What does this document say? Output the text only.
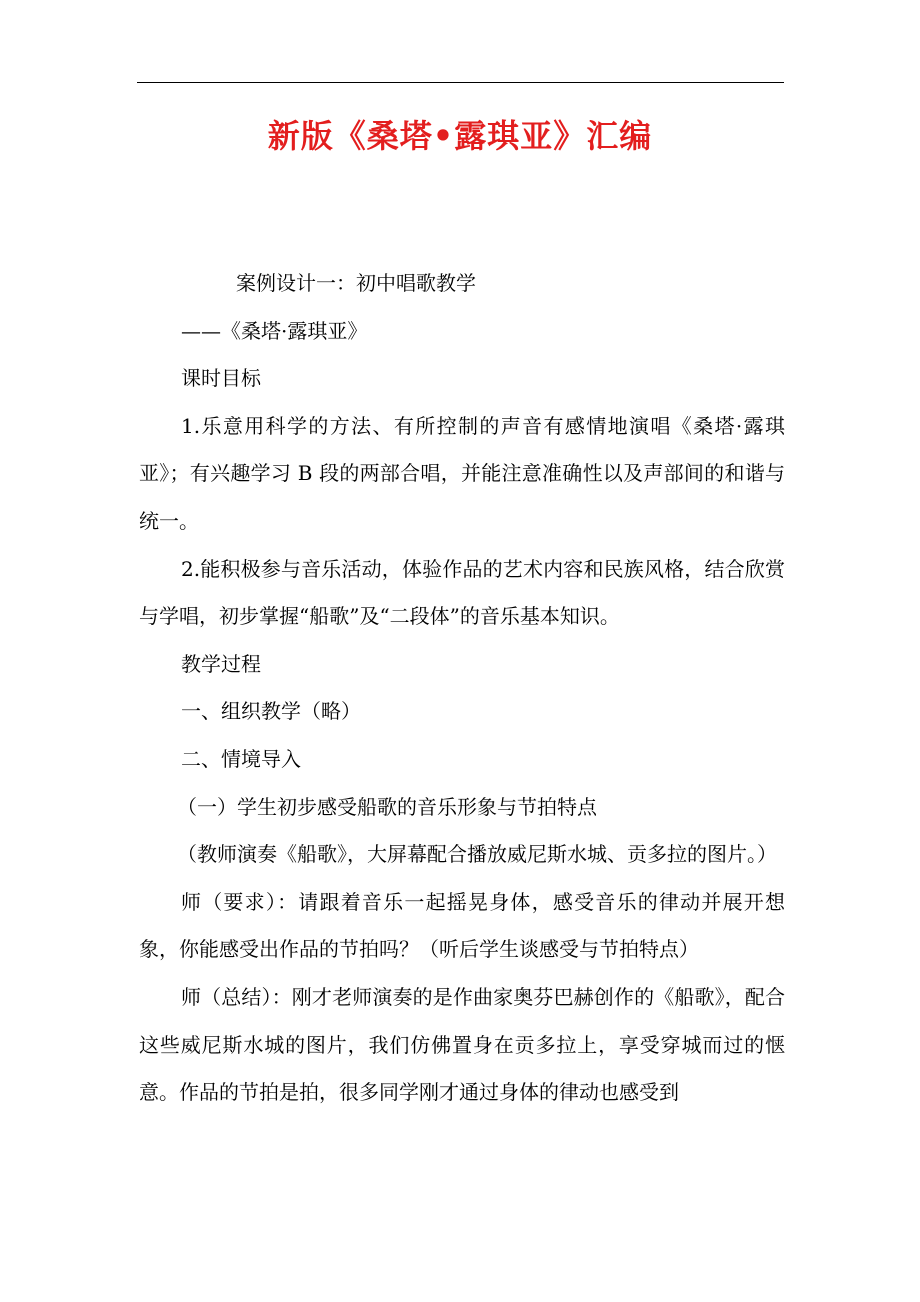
新版《桑塔•露琪亚》汇编

案例设计一：初中唱歌教学

——《桑塔·露琪亚》

课时目标

1.乐意用科学的方法、有所控制的声音有感情地演唱《桑塔·露琪亚》；有兴趣学习 B 段的两部合唱，并能注意准确性以及声部间的和谐与统一。

2.能积极参与音乐活动，体验作品的艺术内容和民族风格，结合欣赏与学唱，初步掌握“船歌”及“二段体”的音乐基本知识。

教学过程

一、组织教学（略）

二、情境导入

（一）学生初步感受船歌的音乐形象与节拍特点

（教师演奏《船歌》，大屏幕配合播放威尼斯水城、贡多拉的图片。）

师（要求）：请跟着音乐一起摇晃身体，感受音乐的律动并展开想象，你能感受出作品的节拍吗？（听后学生谈感受与节拍特点）

师（总结）：刚才老师演奏的是作曲家奥芬巴赫创作的《船歌》，配合这些威尼斯水城的图片，我们仿佛置身在贡多拉上，享受穿城而过的惬意。作品的节拍是拍，很多同学刚才通过身体的律动也感受到
